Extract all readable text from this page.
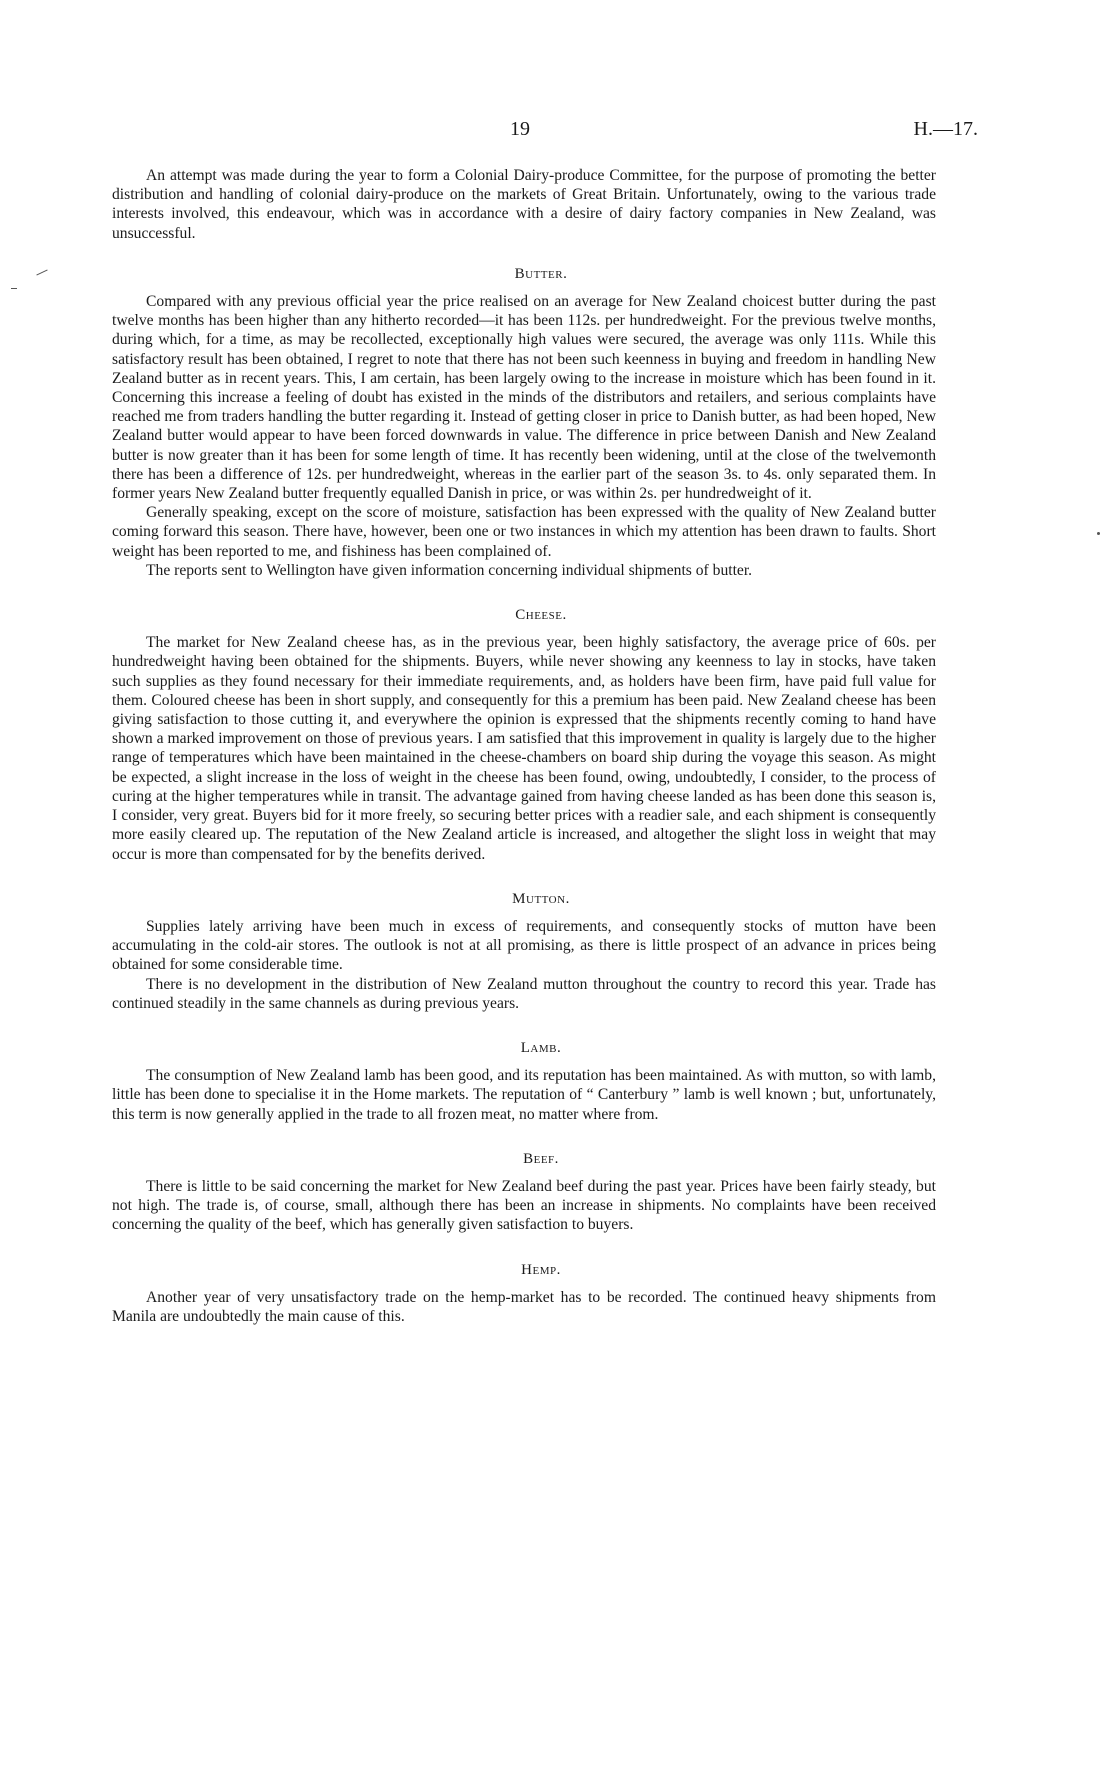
19	H.—17.

An attempt was made during the year to form a Colonial Dairy-produce Committee, for the purpose of promoting the better distribution and handling of colonial dairy-produce on the markets of Great Britain. Unfortunately, owing to the various trade interests involved, this endeavour, which was in accordance with a desire of dairy factory companies in New Zealand, was unsuccessful.

Butter.

Compared with any previous official year the price realised on an average for New Zealand choicest butter during the past twelve months has been higher than any hitherto recorded—it has been 112s. per hundredweight. For the previous twelve months, during which, for a time, as may be recollected, exceptionally high values were secured, the average was only 111s. While this satisfactory result has been obtained, I regret to note that there has not been such keenness in buying and freedom in handling New Zealand butter as in recent years. This, I am certain, has been largely owing to the increase in moisture which has been found in it. Concerning this increase a feeling of doubt has existed in the minds of the distributors and retailers, and serious complaints have reached me from traders handling the butter regarding it. Instead of getting closer in price to Danish butter, as had been hoped, New Zealand butter would appear to have been forced downwards in value. The difference in price between Danish and New Zealand butter is now greater than it has been for some length of time. It has recently been widening, until at the close of the twelvemonth there has been a difference of 12s. per hundredweight, whereas in the earlier part of the season 3s. to 4s. only separated them. In former years New Zealand butter frequently equalled Danish in price, or was within 2s. per hundredweight of it.

Generally speaking, except on the score of moisture, satisfaction has been expressed with the quality of New Zealand butter coming forward this season. There have, however, been one or two instances in which my attention has been drawn to faults. Short weight has been reported to me, and fishiness has been complained of.

The reports sent to Wellington have given information concerning individual shipments of butter.

Cheese.

The market for New Zealand cheese has, as in the previous year, been highly satisfactory, the average price of 60s. per hundredweight having been obtained for the shipments. Buyers, while never showing any keenness to lay in stocks, have taken such supplies as they found necessary for their immediate requirements, and, as holders have been firm, have paid full value for them. Coloured cheese has been in short supply, and consequently for this a premium has been paid. New Zealand cheese has been giving satisfaction to those cutting it, and everywhere the opinion is expressed that the shipments recently coming to hand have shown a marked improvement on those of previous years. I am satisfied that this improvement in quality is largely due to the higher range of temperatures which have been maintained in the cheese-chambers on board ship during the voyage this season. As might be expected, a slight increase in the loss of weight in the cheese has been found, owing, undoubtedly, I consider, to the process of curing at the higher temperatures while in transit. The advantage gained from having cheese landed as has been done this season is, I consider, very great. Buyers bid for it more freely, so securing better prices with a readier sale, and each shipment is consequently more easily cleared up. The reputation of the New Zealand article is increased, and altogether the slight loss in weight that may occur is more than compensated for by the benefits derived.

Mutton.

Supplies lately arriving have been much in excess of requirements, and consequently stocks of mutton have been accumulating in the cold-air stores. The outlook is not at all promising, as there is little prospect of an advance in prices being obtained for some considerable time.

There is no development in the distribution of New Zealand mutton throughout the country to record this year. Trade has continued steadily in the same channels as during previous years.

Lamb.

The consumption of New Zealand lamb has been good, and its reputation has been maintained. As with mutton, so with lamb, little has been done to specialise it in the Home markets. The reputation of “ Canterbury ” lamb is well known ; but, unfortunately, this term is now generally applied in the trade to all frozen meat, no matter where from.

Beef.

There is little to be said concerning the market for New Zealand beef during the past year. Prices have been fairly steady, but not high. The trade is, of course, small, although there has been an increase in shipments. No complaints have been received concerning the quality of the beef, which has generally given satisfaction to buyers.

Hemp.

Another year of very unsatisfactory trade on the hemp-market has to be recorded. The continued heavy shipments from Manila are undoubtedly the main cause of this.
